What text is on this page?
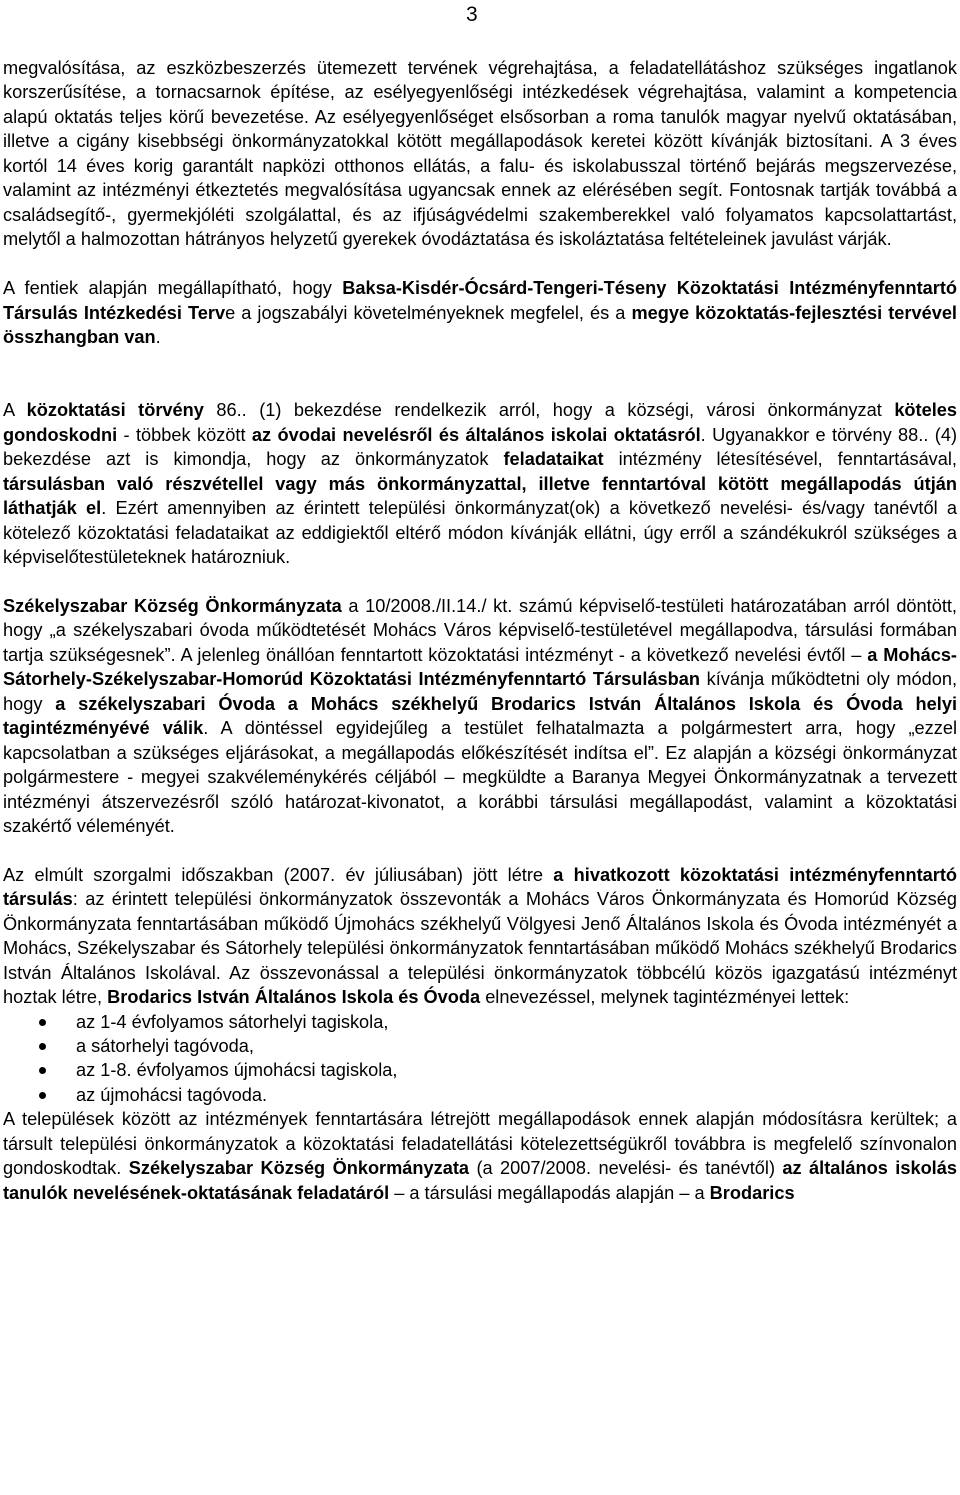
3

megvalósítása, az eszközbeszerzés ütemezett tervének végrehajtása, a feladatellátáshoz szükséges ingatlanok korszerűsítése, a tornacsarnok építése, az esélyegyenlőségi intézkedések végrehajtása, valamint a kompetencia alapú oktatás teljes körű bevezetése. Az esélyegyenlőséget elsősorban a roma tanulók magyar nyelvű oktatásában, illetve a cigány kisebbségi önkormányzatokkal kötött megállapodások keretei között kívánják biztosítani. A 3 éves kortól 14 éves korig garantált napközi otthonos ellátás, a falu- és iskolabusszal történő bejárás megszervezése, valamint az intézményi étkeztetés megvalósítása ugyancsak ennek az elérésében segít. Fontosnak tartják továbbá a családsegítő-, gyermekjóléti szolgálattal, és az ifjúságvédelmi szakemberekkel való folyamatos kapcsolattartást, melytől a halmozottan hátrányos helyzetű gyerekek óvodáztatása és iskoláztatása feltételeinek javulást várják.

A fentiek alapján megállapítható, hogy Baksa-Kisdér-Ócsárd-Tengeri-Téseny Közoktatási Intézményfenntartó Társulás Intézkedési Terve a jogszabályi követelményeknek megfelel, és a megye közoktatás-fejlesztési tervével összhangban van.

A közoktatási törvény 86.. (1) bekezdése rendelkezik arról, hogy a községi, városi önkormányzat köteles gondoskodni - többek között az óvodai nevelésről és általános iskolai oktatásról. Ugyanakkor e törvény 88.. (4) bekezdése azt is kimondja, hogy az önkormányzatok feladataikat intézmény létesítésével, fenntartásával, társulásban való részvétellel vagy más önkormányzattal, illetve fenntartóval kötött megállapodás útján láthatják el. Ezért amennyiben az érintett települési önkormányzat(ok) a következő nevelési- és/vagy tanévtől a kötelező közoktatási feladataikat az eddigiektől eltérő módon kívánják ellátni, úgy erről a szándékukról szükséges a képviselőtestületeknek határozniuk.

Székelyszabar Község Önkormányzata a 10/2008./II.14./ kt. számú képviselő-testületi határozatában arról döntött, hogy „a székelyszabari óvoda működtetését Mohács Város képviselő-testületével megállapodva, társulási formában tartja szükségesnek”. A jelenleg önállóan fenntartott közoktatási intézményt - a következő nevelési évtől – a Mohács-Sátorhely-Székelyszabar-Homorúd Közoktatási Intézményfenntartó Társulásban kívánja működtetni oly módon, hogy a székelyszabari Óvoda a Mohács székhelyű Brodarics István Általános Iskola és Óvoda helyi tagintézményévé válik. A döntéssel egyidejűleg a testület felhatalmazta a polgármestert arra, hogy „ezzel kapcsolatban a szükséges eljárásokat, a megállapodás előkészítését indítsa el”. Ez alapján a községi önkormányzat polgármestere - megyei szakvéleménykérés céljából – megküldte a Baranya Megyei Önkormányzatnak a tervezett intézményi átszervezésről szóló határozat-kivonatot, a korábbi társulási megállapodást, valamint a közoktatási szakértő véleményét.

Az elmúlt szorgalmi időszakban (2007. év júliusában) jött létre a hivatkozott közoktatási intézményfenntartó társulás: az érintett települési önkormányzatok összevonták a Mohács Város Önkormányzata és Homorúd Község Önkormányzata fenntartásában működő Újmohács székhelyű Völgyesi Jenő Általános Iskola és Óvoda intézményét a Mohács, Székelyszabar és Sátorhely települési önkormányzatok fenntartásában működő Mohács székhelyű Brodarics István Általános Iskolával. Az összevonással a települési önkormányzatok többcélú közös igazgatású intézményt hoztak létre, Brodarics István Általános Iskola és Óvoda elnevezéssel, melynek tagintézményei lettek:

az 1-4 évfolyamos sátorhelyi tagiskola,
a sátorhelyi tagóvoda,
az 1-8. évfolyamos újmohácsi tagiskola,
az újmohácsi tagóvoda.

A települések között az intézmények fenntartására létrejött megállapodások ennek alapján módosításra kerültek; a társult települési önkormányzatok a közoktatási feladatellátási kötelezettségükről továbbra is megfelelő színvonalon gondoskodtak. Székelyszabar Község Önkormányzata (a 2007/2008. nevelési- és tanévtől) az általános iskolás tanulók nevelésének-oktatásának feladatáról – a társulási megállapodás alapján – a Brodarics
